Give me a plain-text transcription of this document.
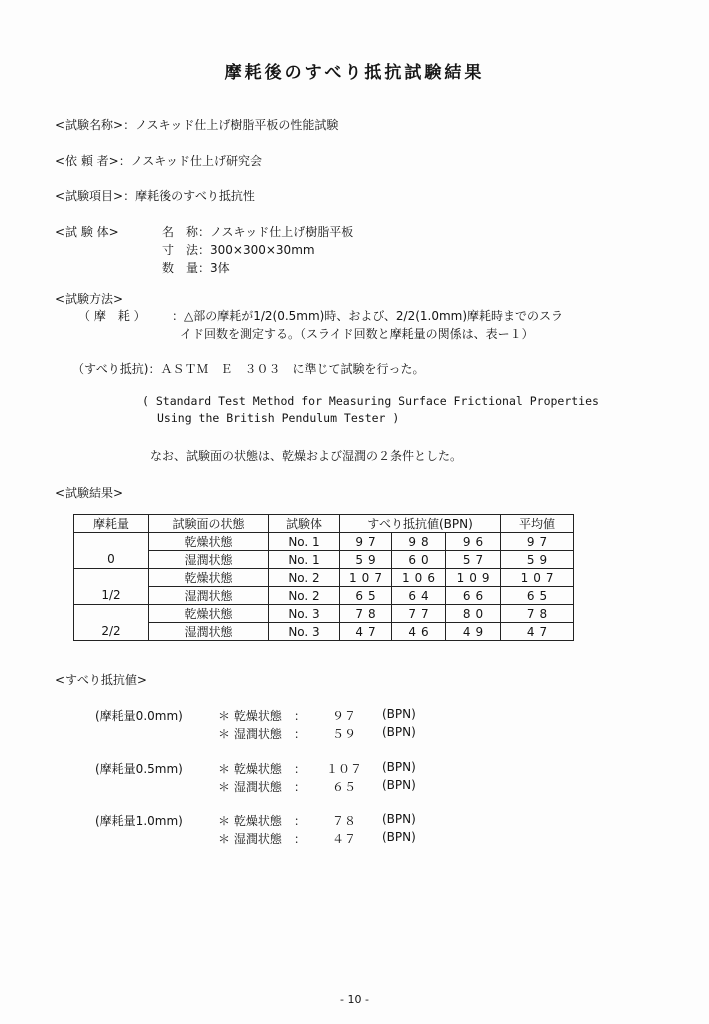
摩耗後のすべり抵抗試験結果
<試験名称>：ノスキッド仕上げ樹脂平板の性能試験
<依 頼 者>：ノスキッド仕上げ研究会
<試験項目>：摩耗後のすべり抵抗性
<試 験 体>	名　称：ノスキッド仕上げ樹脂平板
寸　法：300×300×30mm
数　量：3体
<試験方法>
（ 摩　耗 ） ：△部の摩耗が1/2(0.5mm)時、および、2/2(1.0mm)摩耗時までのスラ
イド回数を測定する。（スライド回数と摩耗量の関係は、表ー１）
（すべり抵抗)：ＡＳＴＭ　Ｅ　３０３　に準じて試験を行った。
( Standard Test Method for Measuring Surface Frictional Properties
Using the British Pendulum Tester )
なお、試験面の状態は、乾燥および湿潤の２条件とした。
<試験結果>
摩耗量	試験面の状態	試験体	すべり抵抗値(BPN)			平均値
	乾燥状態	No. 1	97	98	96	97
0	湿潤状態	No. 1	59	60	57	59
	乾燥状態	No. 2	107	106	109	107
1/2	湿潤状態	No. 2	65	64	66	65
	乾燥状態	No. 3	78	77	80	78
2/2	湿潤状態	No. 3	47	46	49	47
<すべり抵抗値>
(摩耗量0.0mm)	＊ 乾燥状態　：	９７	(BPN)
＊ 湿潤状態　：	５９	(BPN)
(摩耗量0.5mm)	＊ 乾燥状態　：	１０７	(BPN)
＊ 湿潤状態　：	６５	(BPN)
(摩耗量1.0mm)	＊ 乾燥状態　：	７８	(BPN)
＊ 湿潤状態　：	４７	(BPN)
- 10 -
